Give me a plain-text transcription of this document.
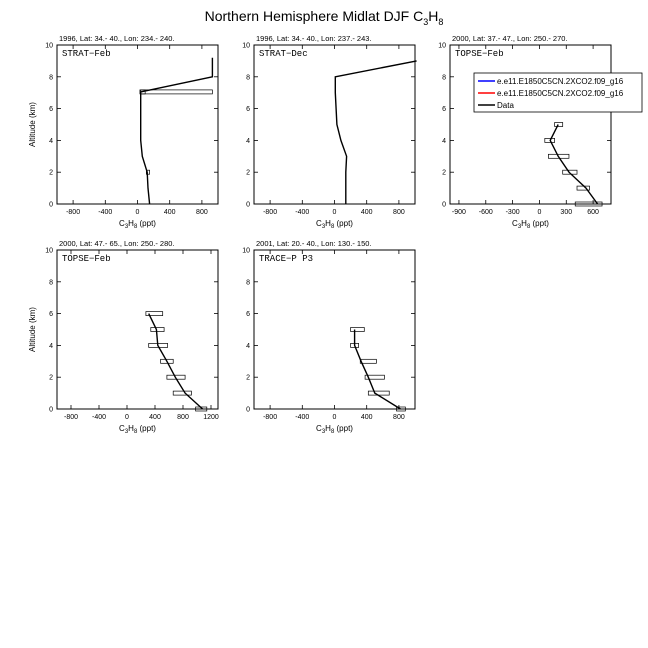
Northern Hemisphere Midlat DJF $C_3H_8$
-800	-400	0	400	800
0
2
4
6
8
10
1996, Lat: 34.- 40., Lon: 234.- 240.
STRAT−Feb
$C_3H_8$ (ppt)
Altitude (km)
-800	-400	0	400	800
0
2
4
6
8
10
1996, Lat: 34.- 40., Lon: 237.- 243.
STRAT−Dec
$C_3H_8$ (ppt)
-900 -600 -300	0	300 600
0
2
4
6
8
10
2000, Lat: 37.- 47., Lon: 250.- 270.
TOPSE−Feb
$C_3H_8$ (ppt)
-800 -400	0	400 800 1200
0
2
4
6
8
10
2000, Lat: 47.- 65., Lon: 250.- 280.
TOPSE−Feb
$C_3H_8$ (ppt)
Altitude (km)
-800	-400	0	400	800
0
2
4
6
8
10
2001, Lat: 20.- 40., Lon: 130.- 150.
TRACE−P P3
$C_3H_8$ (ppt)
e.e11.E1850C5CN.2XCO2.f09_g16
e.e11.E1850C5CN.2XCO2.f09_g16
Data
